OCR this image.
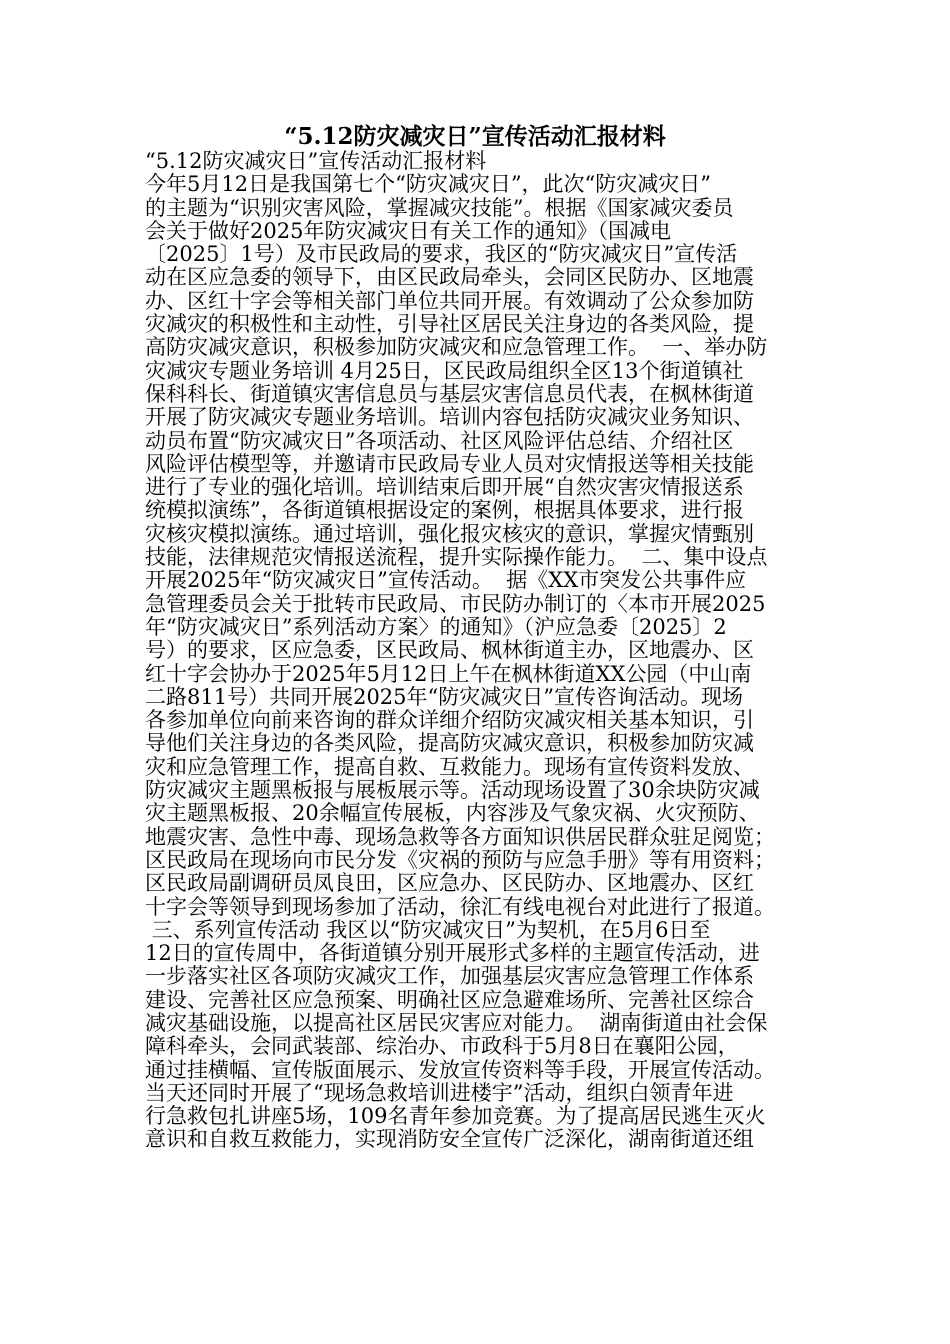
“5.12防灾减灾日”宣传活动汇报材料
“5.12防灾减灾日”宣传活动汇报材料
今年5月12日是我国第七个“防灾减灾日”，此次“防灾减灾日”
的主题为“识别灾害风险，掌握减灾技能”。根据《国家减灾委员
会关于做好2025年防灾减灾日有关工作的通知》（国减电
〔2025〕1号）及市民政局的要求，我区的“防灾减灾日”宣传活
动在区应急委的领导下，由区民政局牵头，会同区民防办、区地震
办、区红十字会等相关部门单位共同开展。有效调动了公众参加防
灾减灾的积极性和主动性，引导社区居民关注身边的各类风险，提
高防灾减灾意识，积极参加防灾减灾和应急管理工作。  一、举办防
灾减灾专题业务培训 4月25日，区民政局组织全区13个街道镇社
保科科长、街道镇灾害信息员与基层灾害信息员代表，在枫林街道
开展了防灾减灾专题业务培训。培训内容包括防灾减灾业务知识、
动员布置“防灾减灾日”各项活动、社区风险评估总结、介绍社区
风险评估模型等，并邀请市民政局专业人员对灾情报送等相关技能
进行了专业的强化培训。培训结束后即开展“自然灾害灾情报送系
统模拟演练”，各街道镇根据设定的案例，根据具体要求，进行报
灾核灾模拟演练。通过培训，强化报灾核灾的意识，掌握灾情甄别
技能，法律规范灾情报送流程，提升实际操作能力。  二、集中设点
开展2025年“防灾减灾日”宣传活动。  据《XX市突发公共事件应
急管理委员会关于批转市民政局、市民防办制订的〈本市开展2025
年“防灾减灾日”系列活动方案〉的通知》（沪应急委〔2025〕2
号）的要求，区应急委，区民政局、枫林街道主办，区地震办、区
红十字会协办于2025年5月12日上午在枫林街道XX公园（中山南
二路811号）共同开展2025年“防灾减灾日”宣传咨询活动。现场
各参加单位向前来咨询的群众详细介绍防灾减灾相关基本知识，引
导他们关注身边的各类风险，提高防灾减灾意识，积极参加防灾减
灾和应急管理工作，提高自救、互救能力。现场有宣传资料发放、
防灾减灾主题黑板报与展板展示等。活动现场设置了30余块防灾减
灾主题黑板报、20余幅宣传展板，内容涉及气象灾祸、火灾预防、
地震灾害、急性中毒、现场急救等各方面知识供居民群众驻足阅览；
区民政局在现场向市民分发《灾祸的预防与应急手册》等有用资料；
区民政局副调研员凤良田，区应急办、区民防办、区地震办、区红
十字会等领导到现场参加了活动，徐汇有线电视台对此进行了报道。
三、系列宣传活动 我区以“防灾减灾日”为契机，在5月6日至
12日的宣传周中，各街道镇分别开展形式多样的主题宣传活动，进
一步落实社区各项防灾减灾工作，加强基层灾害应急管理工作体系
建设、完善社区应急预案、明确社区应急避难场所、完善社区综合
减灾基础设施，以提高社区居民灾害应对能力。  湖南街道由社会保
障科牵头，会同武装部、综治办、市政科于5月8日在襄阳公园，
通过挂横幅、宣传版面展示、发放宣传资料等手段，开展宣传活动。
当天还同时开展了“现场急救培训进楼宇”活动，组织白领青年进
行急救包扎讲座5场，109名青年参加竞赛。为了提高居民逃生灭火
意识和自救互救能力，实现消防安全宣传广泛深化，湖南街道还组
